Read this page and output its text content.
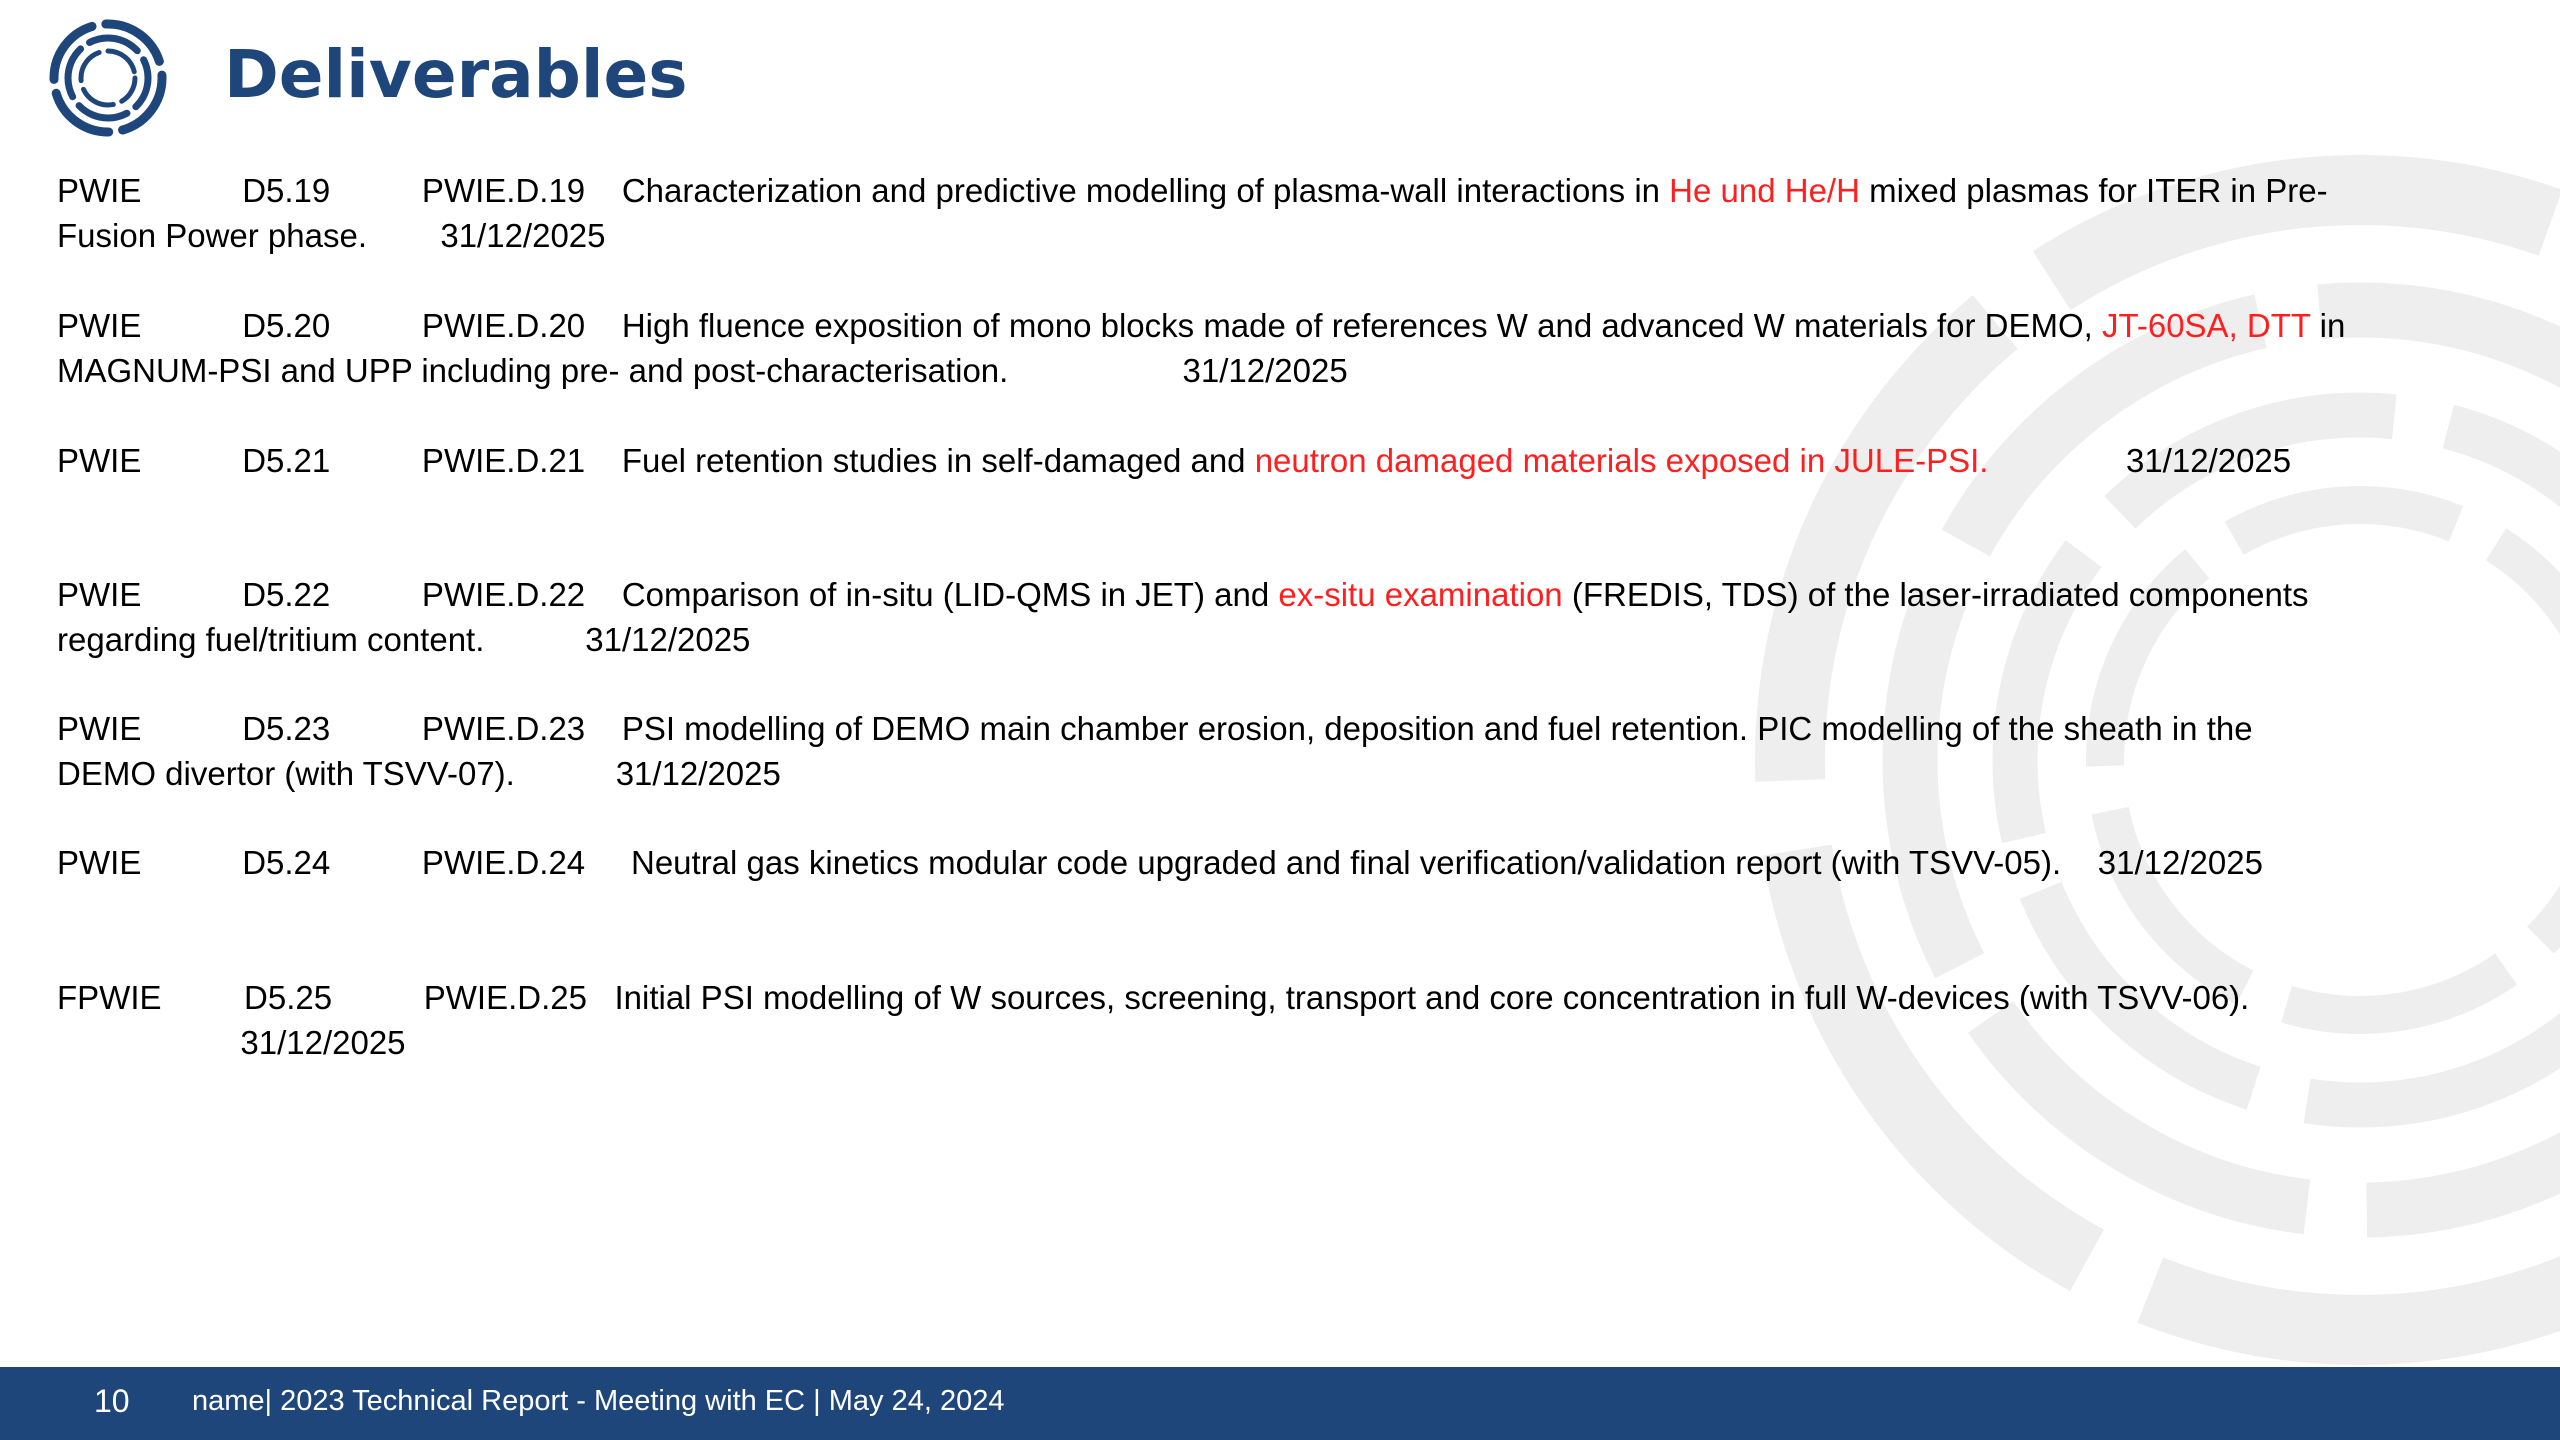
Deliverables
PWIE           D5.19          PWIE.D.19    Characterization and predictive modelling of plasma-wall interactions in He und He/H mixed plasmas for ITER in Pre-
Fusion Power phase.        31/12/2025
PWIE           D5.20          PWIE.D.20    High fluence exposition of mono blocks made of references W and advanced W materials for DEMO, JT-60SA, DTT in
MAGNUM-PSI and UPP including pre- and post-characterisation.                   31/12/2025
PWIE           D5.21          PWIE.D.21    Fuel retention studies in self-damaged and neutron damaged materials exposed in JULE-PSI.               31/12/2025
PWIE           D5.22          PWIE.D.22    Comparison of in-situ (LID-QMS in JET) and ex-situ examination (FREDIS, TDS) of the laser-irradiated components
regarding fuel/tritium content.           31/12/2025
PWIE           D5.23          PWIE.D.23    PSI modelling of DEMO main chamber erosion, deposition and fuel retention. PIC modelling of the sheath in the
DEMO divertor (with TSVV-07).           31/12/2025
PWIE           D5.24          PWIE.D.24     Neutral gas kinetics modular code upgraded and final verification/validation report (with TSVV-05).    31/12/2025
FPWIE         D5.25          PWIE.D.25   Initial PSI modelling of W sources, screening, transport and core concentration in full W-devices (with TSVV-06).
31/12/2025
10 name| 2023 Technical Report - Meeting with EC | May 24, 2024
